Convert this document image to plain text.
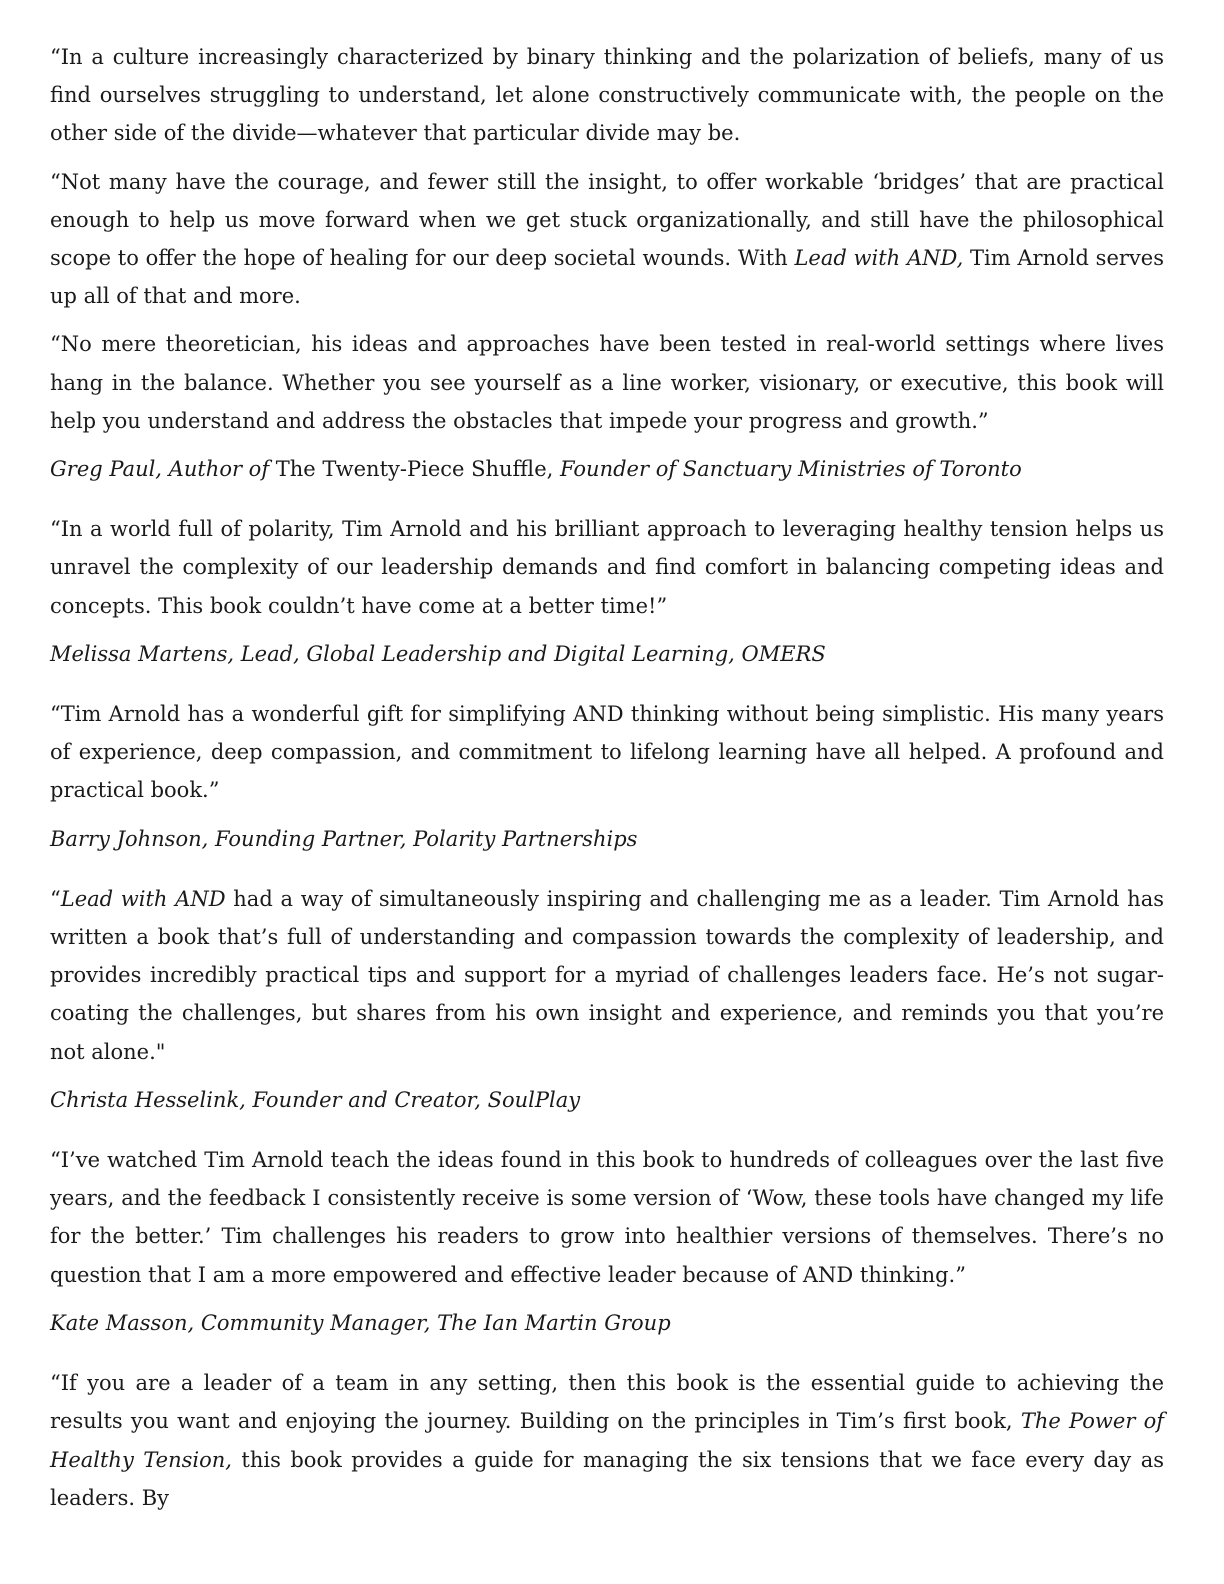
“In a culture increasingly characterized by binary thinking and the polarization of beliefs, many of us find ourselves struggling to understand, let alone constructively communicate with, the people on the other side of the divide—whatever that particular divide may be.

“Not many have the courage, and fewer still the insight, to offer workable ‘bridges’ that are practical enough to help us move forward when we get stuck organizationally, and still have the philosophical scope to offer the hope of healing for our deep societal wounds. With Lead with AND, Tim Arnold serves up all of that and more.

“No mere theoretician, his ideas and approaches have been tested in real-world settings where lives hang in the balance. Whether you see yourself as a line worker, visionary, or executive, this book will help you understand and address the obstacles that impede your progress and growth.”

Greg Paul, Author of The Twenty-Piece Shuffle, Founder of Sanctuary Ministries of Toronto

“In a world full of polarity, Tim Arnold and his brilliant approach to leveraging healthy tension helps us unravel the complexity of our leadership demands and find comfort in balancing competing ideas and concepts. This book couldn’t have come at a better time!”

Melissa Martens, Lead, Global Leadership and Digital Learning, OMERS

“Tim Arnold has a wonderful gift for simplifying AND thinking without being simplistic. His many years of experience, deep compassion, and commitment to lifelong learning have all helped. A profound and practical book.”

Barry Johnson, Founding Partner, Polarity Partnerships

“Lead with AND had a way of simultaneously inspiring and challenging me as a leader. Tim Arnold has written a book that’s full of understanding and compassion towards the complexity of leadership, and provides incredibly practical tips and support for a myriad of challenges leaders face. He’s not sugar-coating the challenges, but shares from his own insight and experience, and reminds you that you’re not alone."

Christa Hesselink, Founder and Creator, SoulPlay

“I’ve watched Tim Arnold teach the ideas found in this book to hundreds of colleagues over the last five years, and the feedback I consistently receive is some version of ‘Wow, these tools have changed my life for the better.’ Tim challenges his readers to grow into healthier versions of themselves. There’s no question that I am a more empowered and effective leader because of AND thinking.”

Kate Masson, Community Manager, The Ian Martin Group

“If you are a leader of a team in any setting, then this book is the essential guide to achieving the results you want and enjoying the journey. Building on the principles in Tim’s first book, The Power of Healthy Tension, this book provides a guide for managing the six tensions that we face every day as leaders. By
